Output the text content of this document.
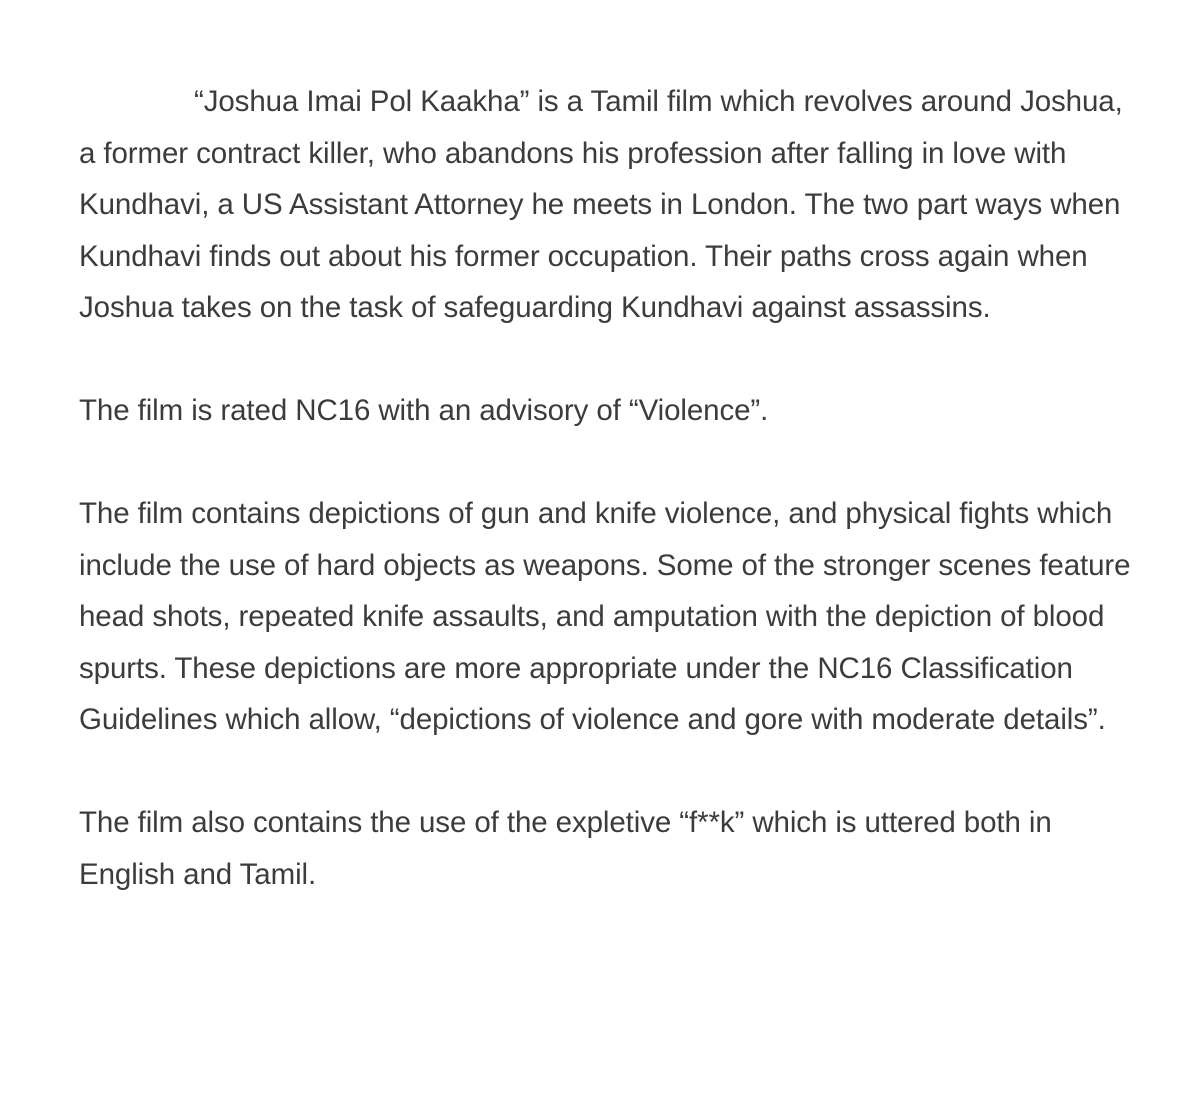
“Joshua Imai Pol Kaakha” is a Tamil film which revolves around Joshua, a former contract killer, who abandons his profession after falling in love with Kundhavi, a US Assistant Attorney he meets in London. The two part ways when Kundhavi finds out about his former occupation. Their paths cross again when Joshua takes on the task of safeguarding Kundhavi against assassins.

The film is rated NC16 with an advisory of “Violence”.

The film contains depictions of gun and knife violence, and physical fights which include the use of hard objects as weapons. Some of the stronger scenes feature head shots, repeated knife assaults, and amputation with the depiction of blood spurts. These depictions are more appropriate under the NC16 Classification Guidelines which allow, “depictions of violence and gore with moderate details”.

The film also contains the use of the expletive “f**k” which is uttered both in English and Tamil.
